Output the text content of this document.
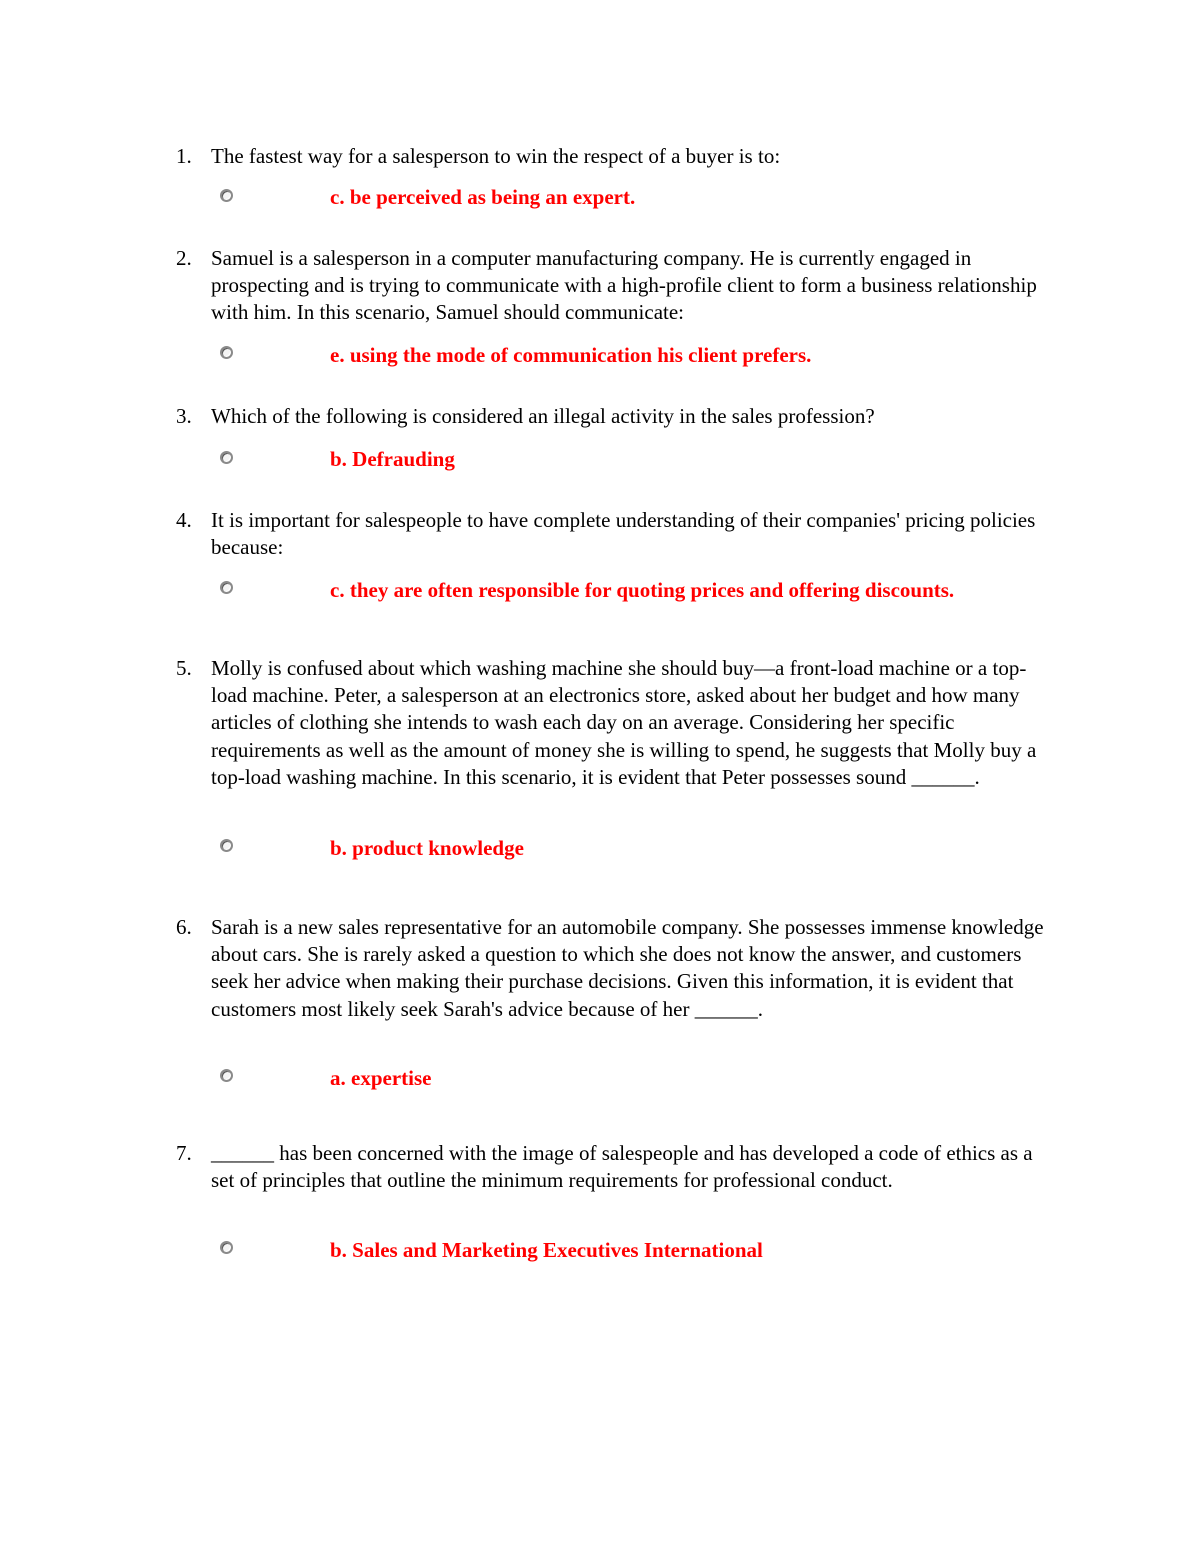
1. The fastest way for a salesperson to win the respect of a buyer is to:

c. be perceived as being an expert.
2. Samuel is a salesperson in a computer manufacturing company. He is currently engaged in prospecting and is trying to communicate with a high-profile client to form a business relationship with him. In this scenario, Samuel should communicate:

e. using the mode of communication his client prefers.
3. Which of the following is considered an illegal activity in the sales profession?

b. Defrauding
4. It is important for salespeople to have complete understanding of their companies' pricing policies because:

c. they are often responsible for quoting prices and offering discounts.
5. Molly is confused about which washing machine she should buy—a front-load machine or a top-load machine. Peter, a salesperson at an electronics store, asked about her budget and how many articles of clothing she intends to wash each day on an average. Considering her specific requirements as well as the amount of money she is willing to spend, he suggests that Molly buy a top-load washing machine. In this scenario, it is evident that Peter possesses sound ______.

b. product knowledge
6. Sarah is a new sales representative for an automobile company. She possesses immense knowledge about cars. She is rarely asked a question to which she does not know the answer, and customers seek her advice when making their purchase decisions. Given this information, it is evident that customers most likely seek Sarah's advice because of her ______.

a. expertise
7. ______ has been concerned with the image of salespeople and has developed a code of ethics as a set of principles that outline the minimum requirements for professional conduct.

b. Sales and Marketing Executives International
